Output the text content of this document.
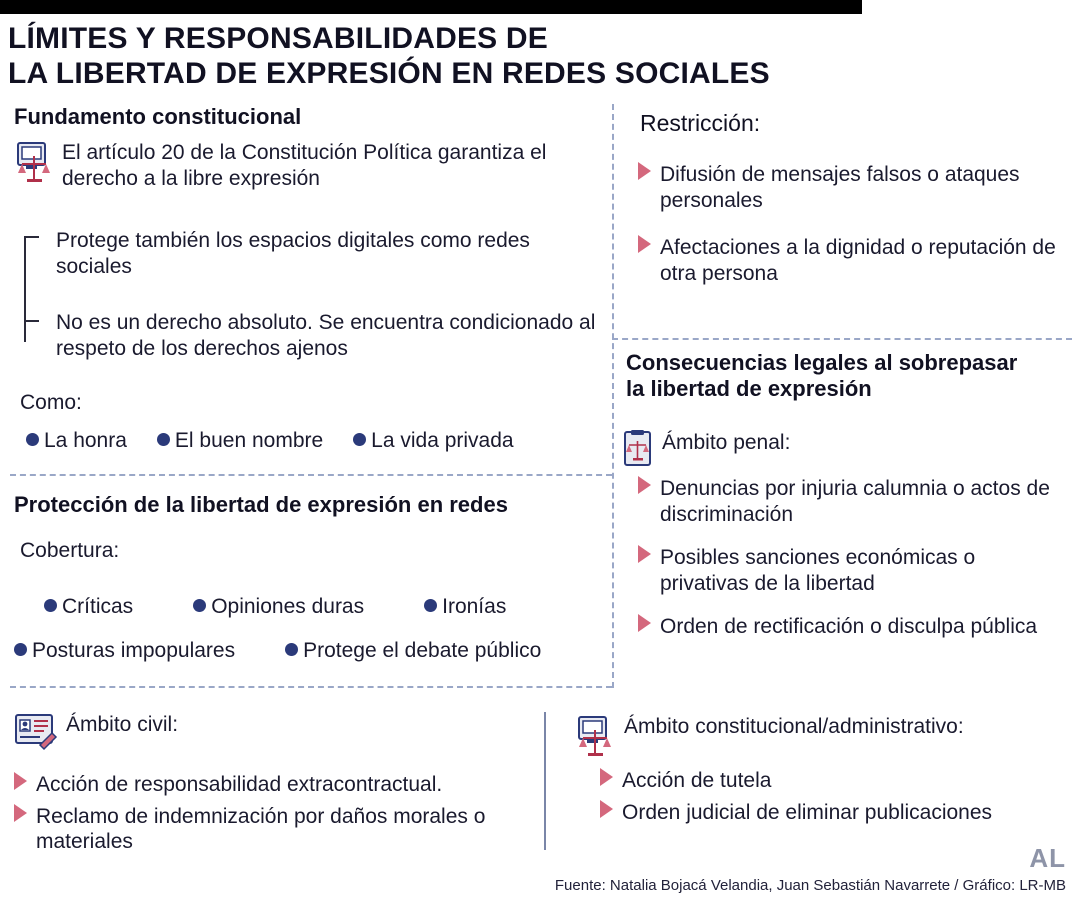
LÍMITES Y RESPONSABILIDADES DE
LA LIBERTAD DE EXPRESIÓN EN REDES SOCIALES
Fundamento constitucional
El artículo 20 de la Constitución Política garantiza el derecho a la libre expresión
Protege también los espacios digitales como redes sociales
No es un derecho absoluto. Se encuentra condicionado al respeto de los derechos ajenos
Como:
La honra	El buen nombre	La vida privada
Protección de la libertad de expresión en redes
Cobertura:
Críticas	Opiniones duras	Ironías
Posturas impopulares	Protege el debate público
Restricción:
Difusión de mensajes falsos o ataques personales
Afectaciones a la dignidad o reputación de otra persona
Consecuencias legales al sobrepasar
la libertad de expresión
Ámbito penal:
Denuncias por injuria calumnia o actos de discriminación
Posibles sanciones económicas o privativas de la libertad
Orden de rectificación o disculpa pública
Ámbito civil:
Acción de responsabilidad extracontractual.
Reclamo de indemnización por daños morales o materiales
Ámbito constitucional/administrativo:
Acción de tutela
Orden judicial de eliminar publicaciones
AL
Fuente: Natalia Bojacá Velandia, Juan Sebastián Navarrete / Gráfico: LR-MB
